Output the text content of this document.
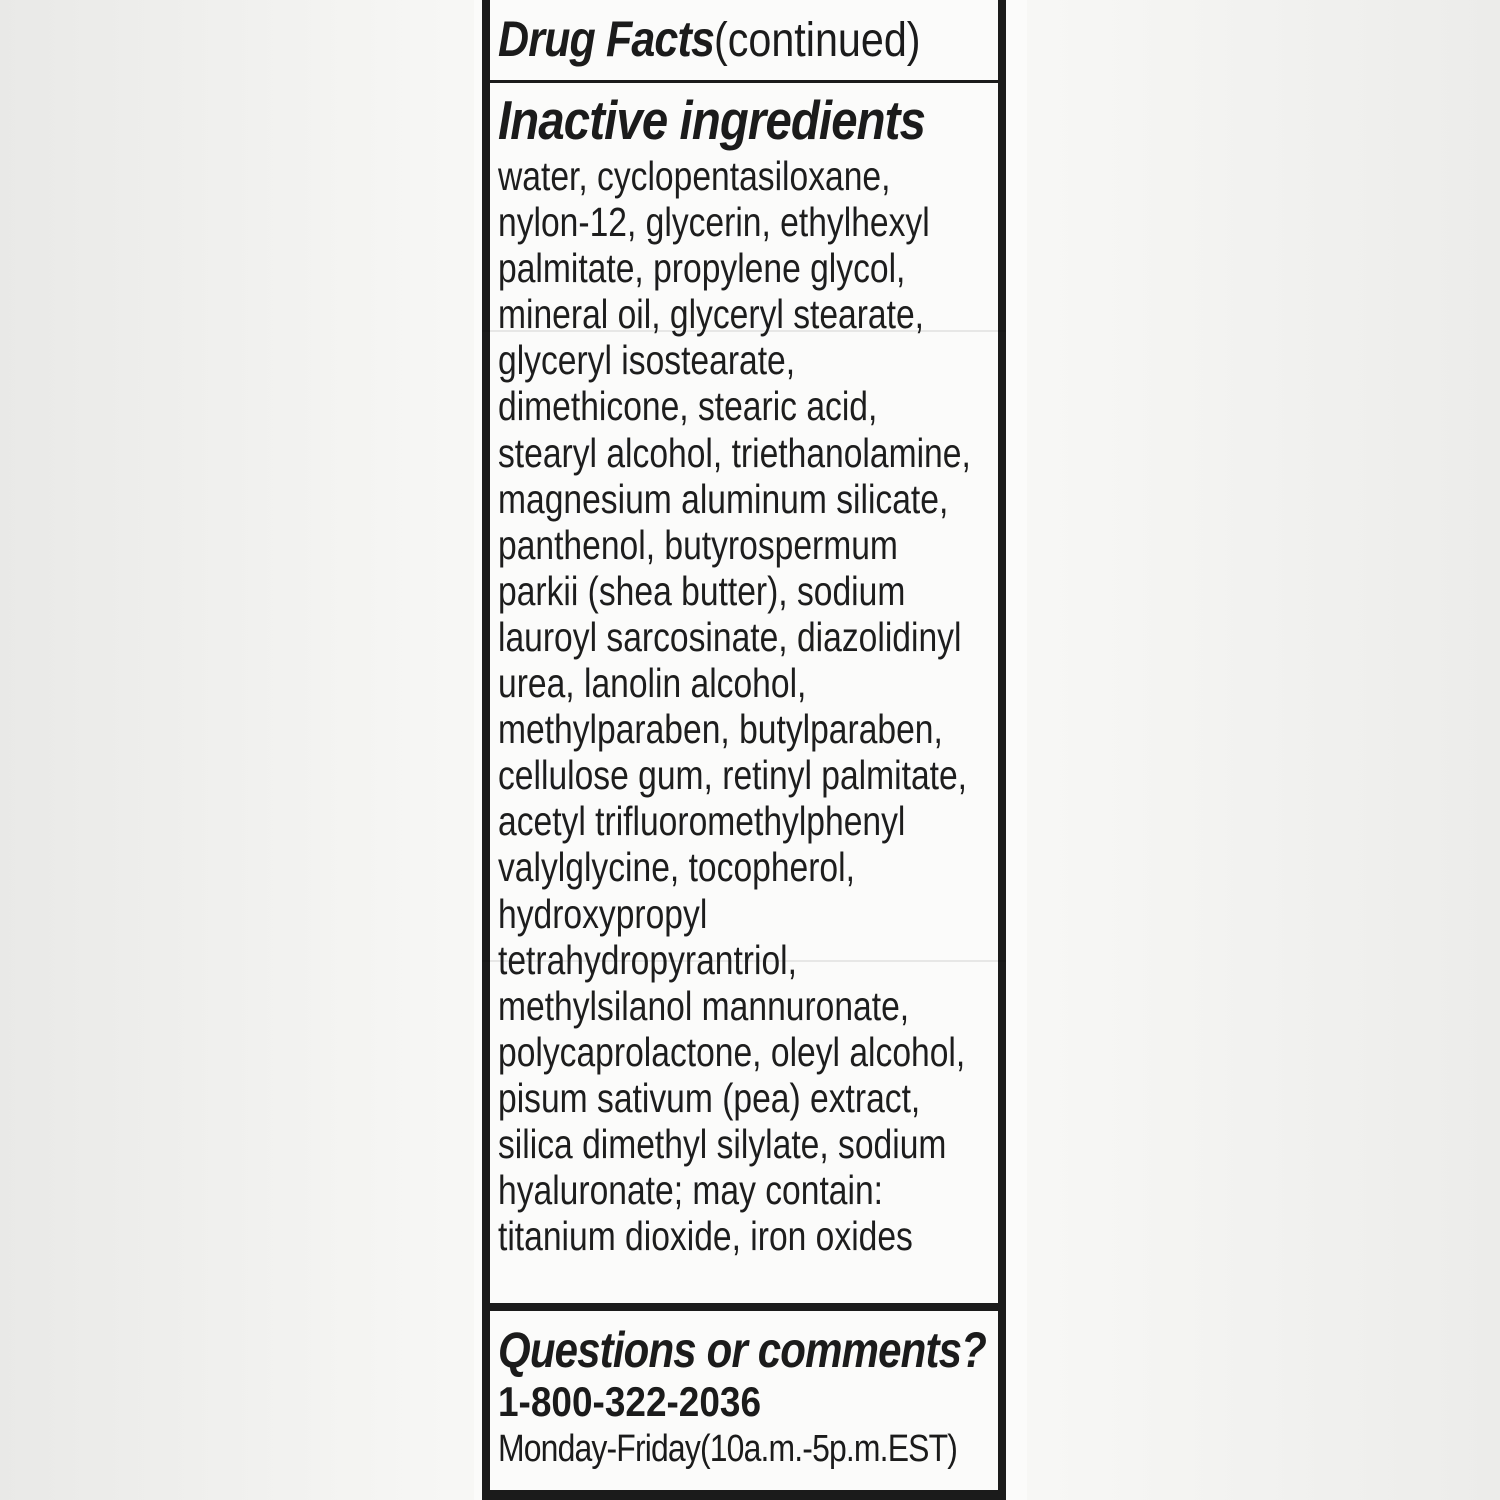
Drug Facts (continued)
Inactive ingredients
water, cyclopentasiloxane,
nylon-12, glycerin, ethylhexyl
palmitate, propylene glycol,
mineral oil, glyceryl stearate,
glyceryl isostearate,
dimethicone, stearic acid,
stearyl alcohol, triethanolamine,
magnesium aluminum silicate,
panthenol, butyrospermum
parkii (shea butter), sodium
lauroyl sarcosinate, diazolidinyl
urea, lanolin alcohol,
methylparaben, butylparaben,
cellulose gum, retinyl palmitate,
acetyl trifluoromethylphenyl
valylglycine, tocopherol,
hydroxypropyl
tetrahydropyrantriol,
methylsilanol mannuronate,
polycaprolactone, oleyl alcohol,
pisum sativum (pea) extract,
silica dimethyl silylate, sodium
hyaluronate; may contain:
titanium dioxide, iron oxides
Questions or comments?
1-800-322-2036
Monday-Friday(10a.m.-5p.m.EST)
